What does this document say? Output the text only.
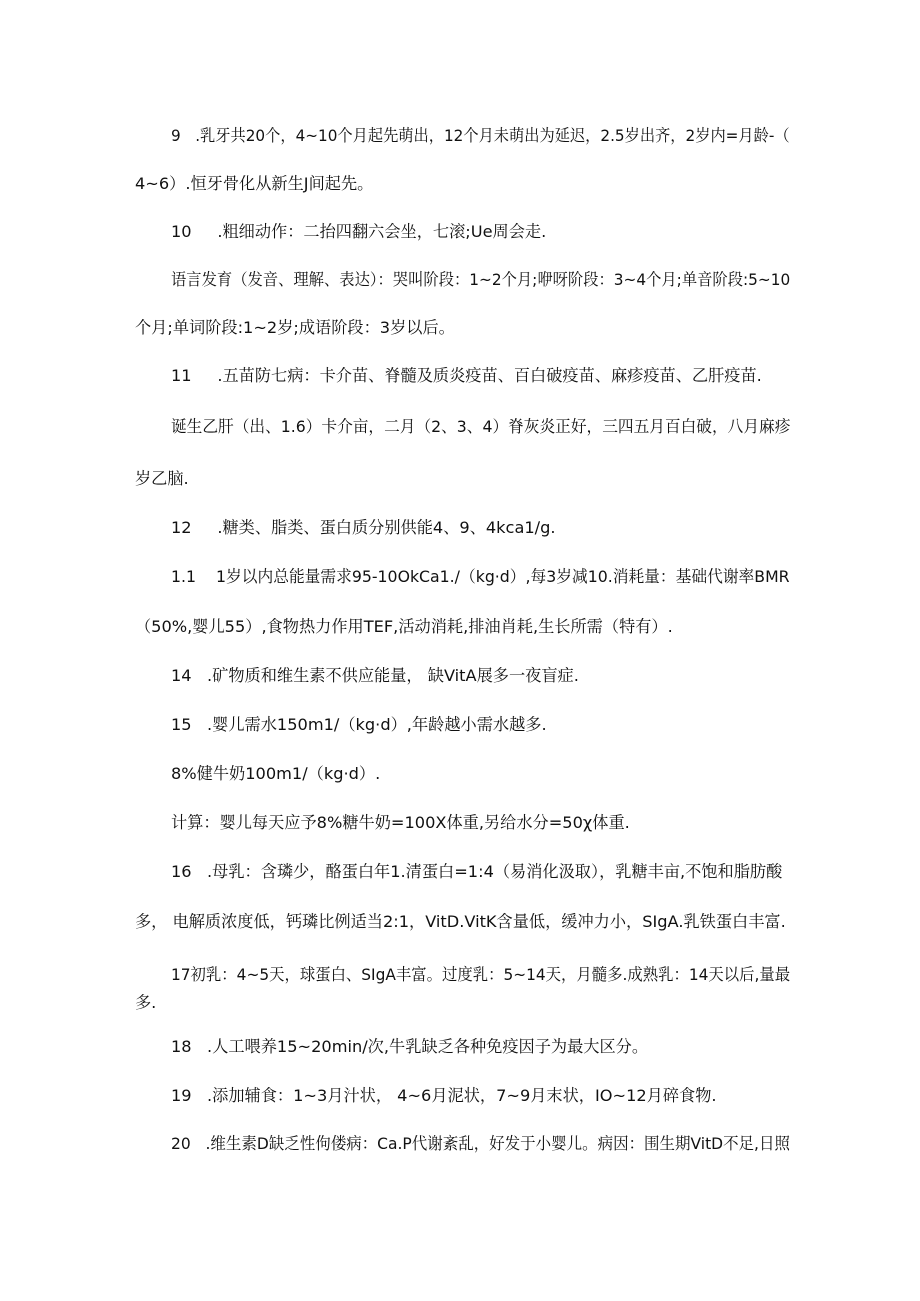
9   .乳牙共20个，4~10个月起先萌出，12个月未萌出为延迟，2.5岁出齐，2岁内=月龄-（

4~6）.恒牙骨化从新生J间起先。

10     .粗细动作：二抬四翻六会坐，七滚;Ue周会走.

语言发育（发音、理解、表达）：哭叫阶段：1~2个月;咿呀阶段：3~4个月;单音阶段:5~10

个月;单词阶段:1~2岁;成语阶段：3岁以后。

11     .五苗防七病：卡介苗、脊髓及质炎疫苗、百白破疫苗、麻疹疫苗、乙肝疫苗.

诞生乙肝（出、1.6）卡介亩，二月（2、3、4）脊灰炎正好，三四五月百白破，八月麻疹

岁乙脑.

12     .糖类、脂类、蛋白质分别供能4、9、4kca1∕g.

1.1    1岁以内总能量需求95-10OkCa1./（kg·d）,每3岁减10.消耗量：基础代谢率BMR

（50%,婴儿55）,食物热力作用TEF,活动消耗,排油肖耗,生长所需（特有）.

14   .矿物质和维生素不供应能量， 缺VitA展多一夜盲症.

15   .婴儿需水150m1∕（kg·d）,年龄越小需水越多.

8%健牛奶100m1∕（kg·d）.

计算：婴儿每天应予8%糖牛奶=100X体重,另给水分=50χ体重.

16   .母乳：含璘少，酪蛋白年1.清蛋白=1:4（易消化汲取），乳糖丰亩,不饱和脂肪酸

多， 电解质浓度低，钙璘比例适当2:1，VitD.VitK含量低，缓冲力小，SIgA.乳铁蛋白丰富.

17初乳：4~5天，球蛋白、SIgA丰富。过度乳：5~14天，月髓多.成熟乳：14天以后,量最

多.

18   .人工喂养15~20min/次,牛乳缺乏各种免疫因子为最大区分。

19   .添加辅食：1~3月汁状， 4~6月泥状，7~9月末状，IO~12月碎食物.

20   .维生素D缺乏性佝偻病：Ca.P代谢紊乱，好发于小婴儿。病因：围生期VitD不足,日照
